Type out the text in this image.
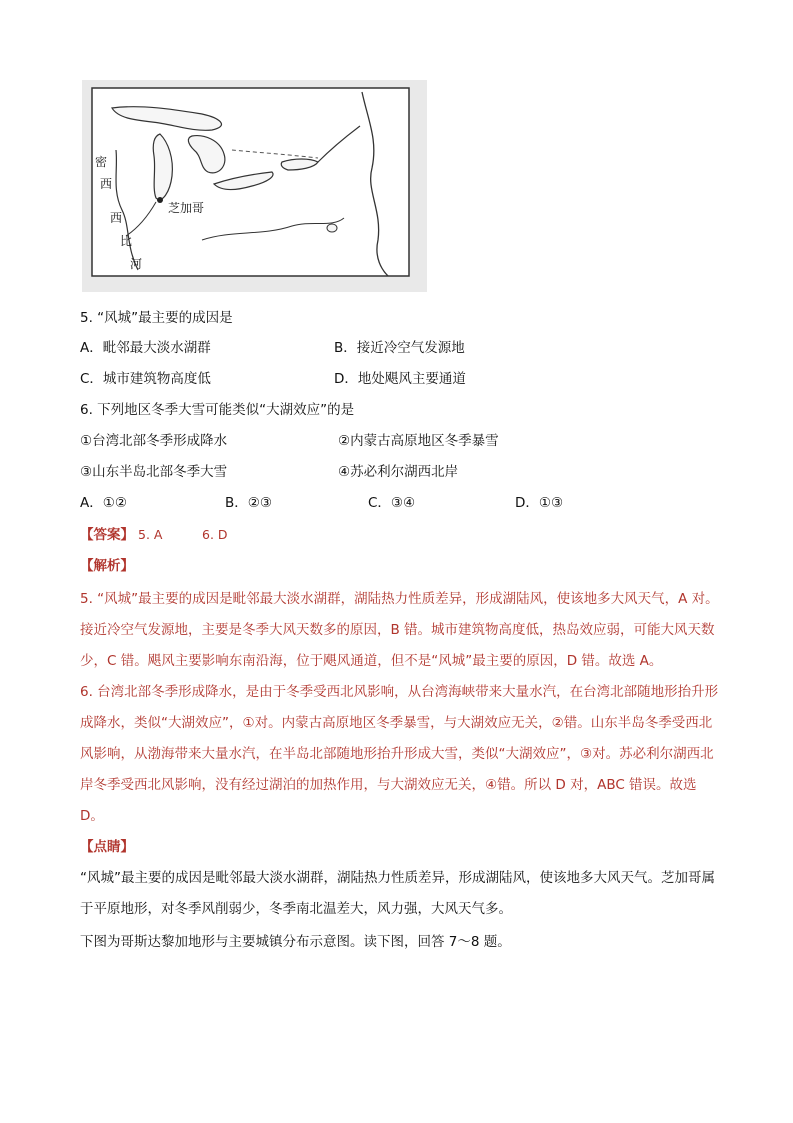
密
西
西
比
河
芝加哥
5. “风城”最主要的成因是
A．毗邻最大淡水湖群	B．接近冷空气发源地
C．城市建筑物高度低	D．地处飓风主要通道
6. 下列地区冬季大雪可能类似“大湖效应”的是
①台湾北部冬季形成降水	②内蒙古高原地区冬季暴雪
③山东半岛北部冬季大雪	④苏必利尔湖西北岸
A．①②	B．②③	C．③④	D．①③
【答案】 5. A	6. D
【解析】
5. “风城”最主要的成因是毗邻最大淡水湖群，湖陆热力性质差异，形成湖陆风，使该地多大风天气，A 对。接近冷空气发源地，主要是冬季大风天数多的原因，B 错。城市建筑物高度低，热岛效应弱，可能大风天数少，C 错。飓风主要影响东南沿海，位于飓风通道，但不是“风城”最主要的原因，D 错。故选 A。
6. 台湾北部冬季形成降水，是由于冬季受西北风影响，从台湾海峡带来大量水汽，在台湾北部随地形抬升形成降水，类似“大湖效应”，①对。内蒙古高原地区冬季暴雪，与大湖效应无关，②错。山东半岛冬季受西北风影响，从渤海带来大量水汽，在半岛北部随地形抬升形成大雪，类似“大湖效应”，③对。苏必利尔湖西北岸冬季受西北风影响，没有经过湖泊的加热作用，与大湖效应无关，④错。所以 D 对，ABC 错误。故选 D。
【点睛】
“风城”最主要的成因是毗邻最大淡水湖群，湖陆热力性质差异，形成湖陆风，使该地多大风天气。芝加哥属于平原地形，对冬季风削弱少，冬季南北温差大，风力强，大风天气多。
下图为哥斯达黎加地形与主要城镇分布示意图。读下图，回答 7～8 题。
